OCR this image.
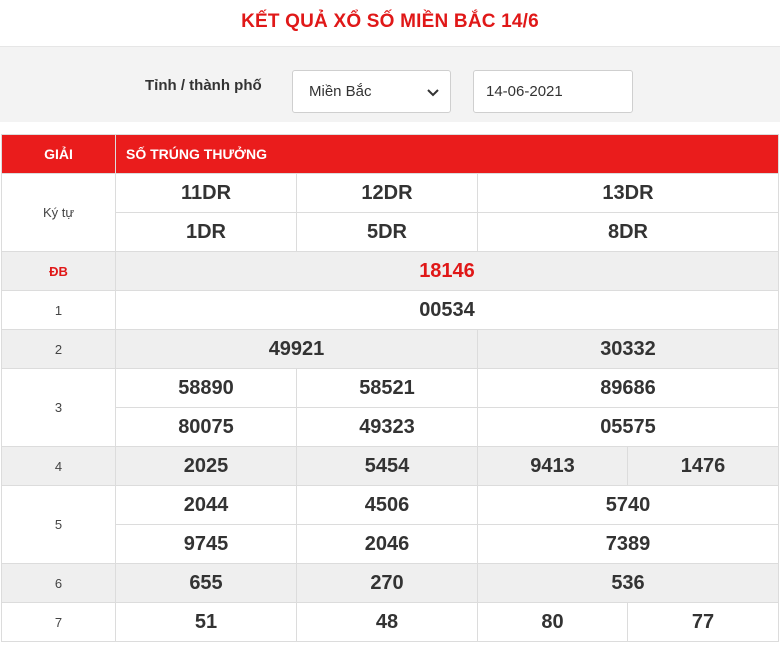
KẾT QUẢ XỔ SỐ MIỀN BẮC 14/6
Tỉnh / thành phố	Miền Bắc
14-06-2021
GIẢI	SỐ TRÚNG THƯỞNG			
Ký tự	11DR	12DR	13DR	
	1DR	5DR	8DR	
ĐB	18146			
1	00534			
2	49921		30332	
3	58890	58521	89686	
	80075	49323	05575	
4	2025	5454	9413	1476
5	2044	4506	5740	
	9745	2046	7389	
6	655	270	536	
7	51	48	80	77
